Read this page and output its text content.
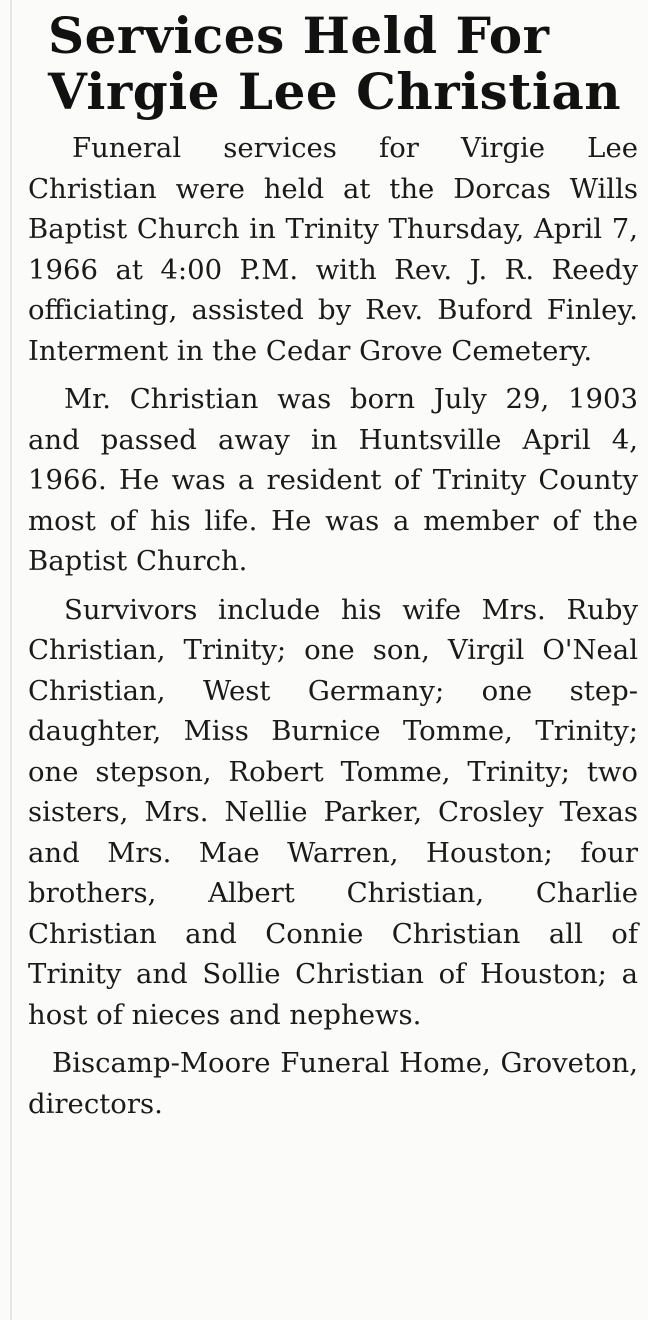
Services Held For
Virgie Lee Christian

Funeral services for Virgie Lee Christian were held at the Dorcas Wills Baptist Church in Trinity Thursday, April 7, 1966 at 4:00 P.M. with Rev. J. R. Reedy officiating, assisted by Rev. Buford Finley. Interment in the Cedar Grove Cemetery.

Mr. Christian was born July 29, 1903 and passed away in Huntsville April 4, 1966. He was a resident of Trinity County most of his life. He was a member of the Baptist Church.

Survivors include his wife Mrs. Ruby Christian, Trinity; one son, Virgil O'Neal Christian, West Germany; one step-daughter, Miss Burnice Tomme, Trinity; one stepson, Robert Tomme, Trinity; two sisters, Mrs. Nellie Parker, Crosley Texas and Mrs. Mae Warren, Houston; four brothers, Albert Christian, Charlie Christian and Connie Christian all of Trinity and Sollie Christian of Houston; a host of nieces and nephews.

Biscamp-Moore Funeral Home, Groveton, directors.
